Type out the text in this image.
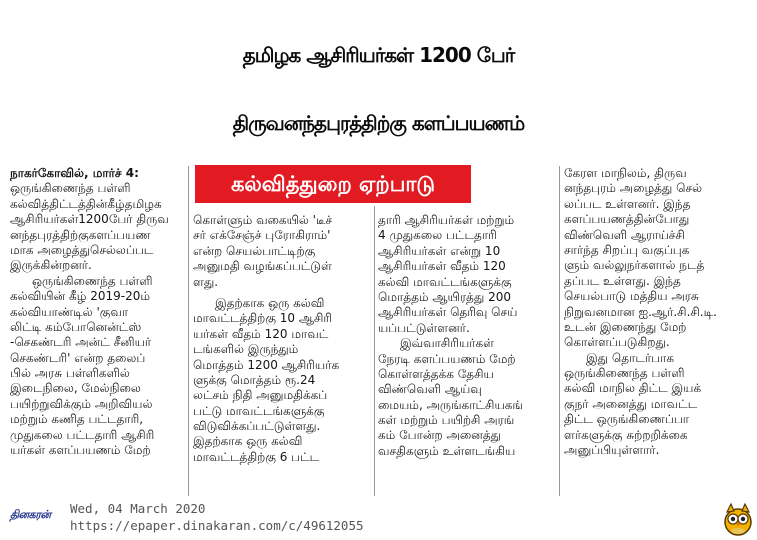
தமிழக ஆசிரியர்கள் 1200 பேர்
திருவனந்தபுரத்திற்கு களப்பயணம்
கல்வித்துறை ஏற்பாடு
நாகர்கோவில், மார்ச் 4:
ஒருங்கிணைந்த பள்ளி
கல்வித்திட்டத்தின்கீழ்தமிழக
ஆசிரியர்கள்1200பேர் திருவ
னந்தபுரத்திற்குகளப்பயண
மாக அழைத்துசெல்லப்பட
இருக்கின்றனர்.
ஒருங்கிணைந்த பள்ளி
கல்வியின் கீழ் 2019-20ம்
கல்வியாண்டில் 'குவா
லிட்டி கம்போனென்ட்ஸ்
-செகண்டரி அன்ட் சீனியர்
செகண்டரி' என்ற தலைப்
பில் அரசு பள்ளிகளில்
இடைநிலை, மேல்நிலை
பயிற்றுவிக்கும் அறிவியல்
மற்றும் கணித பட்டதாரி,
முதுகலை பட்டதாரி ஆசிரி
யர்கள் களப்பயணம் மேற்
கொள்ளும் வகையில் 'டீச்
சர் எக்சேஞ்ச் புரோகிராம்'
என்ற செயல்பாட்டிற்கு
அனுமதி வழங்கப்பட்டுள்
ளது.
இதற்காக ஒரு கல்வி
மாவட்டத்திற்கு 10 ஆசிரி
யர்கள் வீதம் 120 மாவட்
டங்களில் இருந்தும்
மொத்தம் 1200 ஆசிரியர்க
ளுக்கு மொத்தம் ரூ.24
லட்சம் நிதி அனுமதிக்கப்
பட்டு மாவட்டங்களுக்கு
விடுவிக்கப்பட்டுள்ளது.
இதற்காக ஒரு கல்வி
மாவட்டத்திற்கு 6 பட்ட
தாரி ஆசிரியர்கள் மற்றும்
4 முதுகலை பட்டதாரி
ஆசிரியர்கள் என்று 10
ஆசிரியர்கள் வீதம் 120
கல்வி மாவட்டங்களுக்கு
மொத்தம் ஆயிரத்து 200
ஆசிரியர்கள் தெரிவு செய்
யப்பட்டுள்ளனர்.
இவ்வாசிரியர்கள்
நேரடி களப்பயணம் மேற்
கொள்ளத்தக்க தேசிய
விண்வெளி ஆய்வு
மையம், அருங்காட்சியகங்
கள் மற்றும் பயிற்சி அரங்
கம் போன்ற அனைத்து
வசதிகளும் உள்ளடங்கிய
கேரள மாநிலம், திருவ
னந்தபுரம் அழைத்து செல்
லப்பட உள்ளனர். இந்த
களப்பயணத்தின்போது
விண்வெளி ஆராய்ச்சி
சார்ந்த சிறப்பு வகுப்புக
ளும் வல்லுநர்களால் நடத்
தப்பட உள்ளது. இந்த
செயல்பாடு மத்திய அரசு
நிறுவனமான ஐ.ஆர்.சி.சி.டி.
உடன் இணைந்து மேற்
கொள்ளப்படுகிறது.
இது தொடர்பாக
ஒருங்கிணைந்த பள்ளி
கல்வி மாநில திட்ட இயக்
குநர் அனைத்து மாவட்ட
திட்ட ஒருங்கிணைப்பா
ளர்களுக்கு சுற்றறிக்கை
அனுப்பியுள்ளார்.
தினகரன் Wed, 04 March 2020
https://epaper.dinakaran.com/c/49612055
